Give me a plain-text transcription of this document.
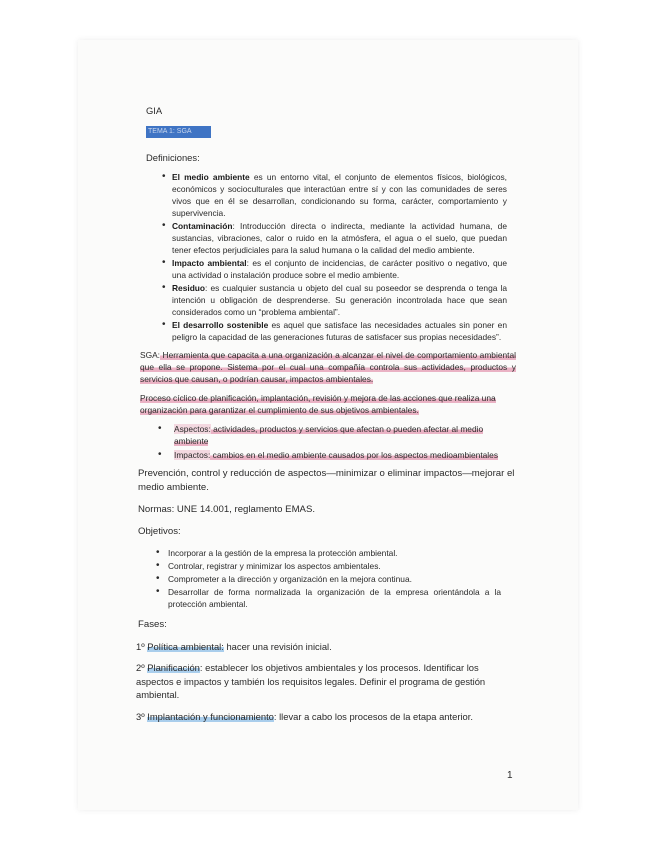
GIA

TEMA 1: SGA

Definiciones:

• El medio ambiente es un entorno vital, el conjunto de elementos físicos, biológicos, económicos y socioculturales que interactúan entre sí y con las comunidades de seres vivos que en él se desarrollan, condicionando su forma, carácter, comportamiento y supervivencia.
• Contaminación: Introducción directa o indirecta, mediante la actividad humana, de sustancias, vibraciones, calor o ruido en la atmósfera, el agua o el suelo, que puedan tener efectos perjudiciales para la salud humana o la calidad del medio ambiente.
• Impacto ambiental: es el conjunto de incidencias, de carácter positivo o negativo, que una actividad o instalación produce sobre el medio ambiente.
• Residuo: es cualquier sustancia u objeto del cual su poseedor se desprenda o tenga la intención u obligación de desprenderse. Su generación incontrolada hace que sean considerados como un “problema ambiental”.
• El desarrollo sostenible es aquel que satisface las necesidades actuales sin poner en peligro la capacidad de las generaciones futuras de satisfacer sus propias necesidades”.

SGA: Herramienta que capacita a una organización a alcanzar el nivel de comportamiento ambiental que ella se propone. Sistema por el cual una compañía controla sus actividades, productos y servicios que causan, o podrían causar, impactos ambientales.

Proceso cíclico de planificación, implantación, revisión y mejora de las acciones que realiza una organización para garantizar el cumplimiento de sus objetivos ambientales.

• Aspectos: actividades, productos y servicios que afectan o pueden afectar al medio ambiente
• Impactos: cambios en el medio ambiente causados por los aspectos medioambientales

Prevención, control y reducción de aspectos—minimizar o eliminar impactos—mejorar el medio ambiente.

Normas: UNE 14.001, reglamento EMAS.

Objetivos:

• Incorporar a la gestión de la empresa la protección ambiental.
• Controlar, registrar y minimizar los aspectos ambientales.
• Comprometer a la dirección y organización en la mejora continua.
• Desarrollar de forma normalizada la organización de la empresa orientándola a la protección ambiental.

Fases:

1º Política ambiental: hacer una revisión inicial.

2º Planificación: establecer los objetivos ambientales y los procesos. Identificar los aspectos e impactos y también los requisitos legales. Definir el programa de gestión ambiental.

3º Implantación y funcionamiento: llevar a cabo los procesos de la etapa anterior.

1
